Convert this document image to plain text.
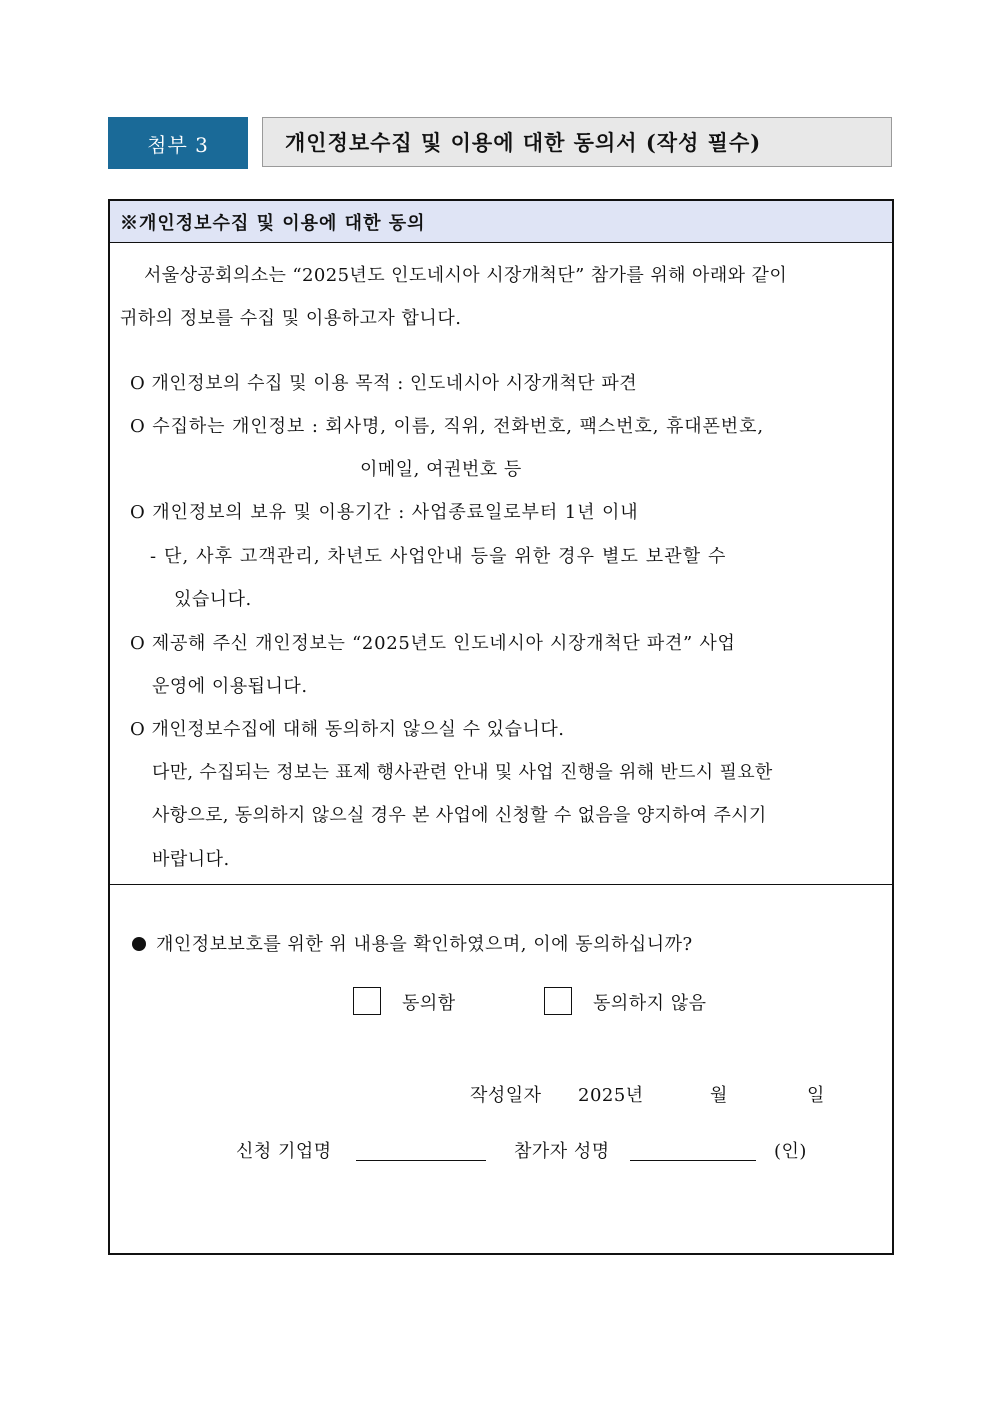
첨부 3	개인정보수집 및 이용에 대한 동의서 (작성 필수)
※개인정보수집 및 이용에 대한 동의
서울상공회의소는 “2025년도 인도네시아 시장개척단” 참가를 위해 아래와 같이
귀하의 정보를 수집 및 이용하고자 합니다.
O 개인정보의 수집 및 이용 목적 : 인도네시아 시장개척단 파견
O 수집하는 개인정보 : 회사명, 이름, 직위, 전화번호, 팩스번호, 휴대폰번호,
이메일, 여권번호 등
O 개인정보의 보유 및 이용기간 : 사업종료일로부터 1년 이내
- 단, 사후 고객관리, 차년도 사업안내 등을 위한 경우 별도 보관할 수
있습니다.
O 제공해 주신 개인정보는 “2025년도 인도네시아 시장개척단 파견” 사업
운영에 이용됩니다.
O 개인정보수집에 대해 동의하지 않으실 수 있습니다.
다만, 수집되는 정보는 표제 행사관련 안내 및 사업 진행을 위해 반드시 필요한
사항으로, 동의하지 않으실 경우 본 사업에 신청할 수 없음을 양지하여 주시기
바랍니다.
개인정보보호를 위한 위 내용을 확인하였으며, 이에 동의하십니까?
동의함	동의하지 않음
작성일자 2025년	월	일
신청 기업명	참가자 성명	(인)
